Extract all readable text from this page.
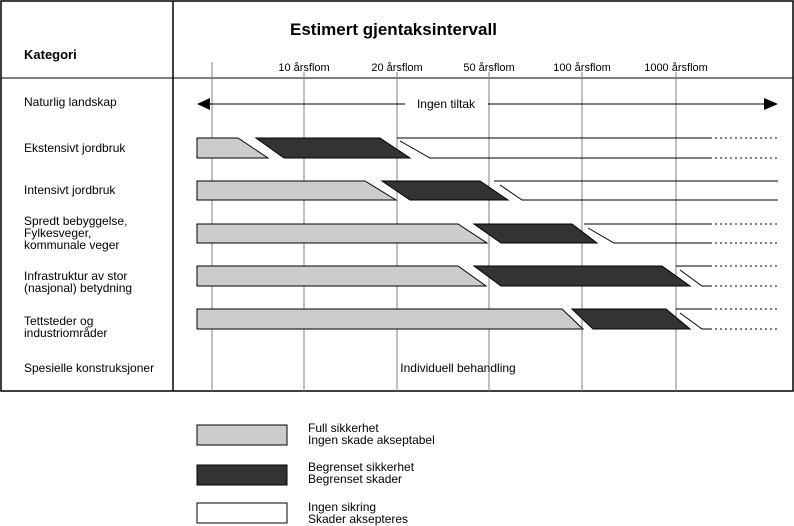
Estimert gjentaksintervall
Kategori
10 årsflom	20 årsflom	50 årsflom	100 årsflom	1000 årsflom
Naturlig landskap
Ekstensivt jordbruk
Intensivt jordbruk
Spredt bebyggelse,
Fylkesveger,
kommunale veger
Infrastruktur av stor
(nasjonal) betydning
Tettsteder og
industriområder
Spesielle konstruksjoner
Ingen tiltak
Individuell behandling
Full sikkerhet
Ingen skade akseptabel
Begrenset sikkerhet
Begrenset skader
Ingen sikring
Skader aksepteres
